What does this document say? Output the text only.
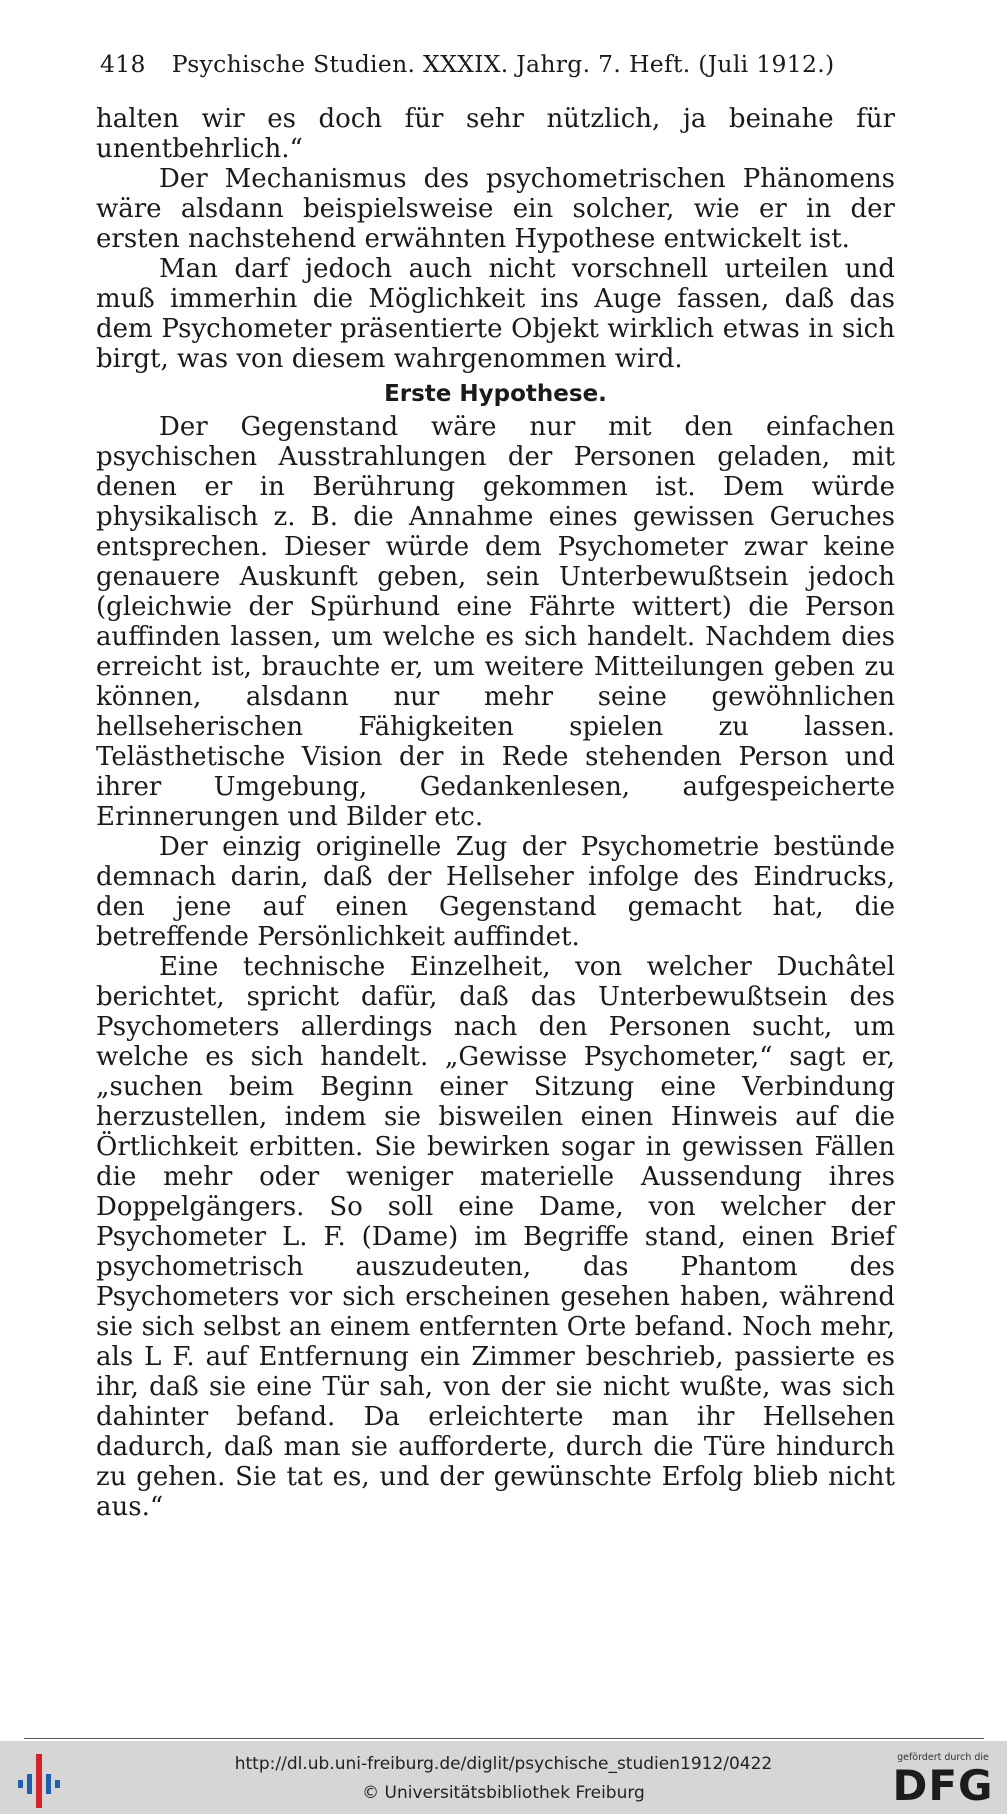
418 Psychische Studien. XXXIX. Jahrg. 7. Heft. (Juli 1912.)

halten wir es doch für sehr nützlich, ja beinahe für unentbehrlich.“

Der Mechanismus des psychometrischen Phänomens wäre alsdann beispielsweise ein solcher, wie er in der ersten nachstehend erwähnten Hypothese entwickelt ist.

Man darf jedoch auch nicht vorschnell urteilen und muß immerhin die Möglichkeit ins Auge fassen, daß das dem Psychometer präsentierte Objekt wirklich etwas in sich birgt, was von diesem wahrgenommen wird.

Erste Hypothese.

Der Gegenstand wäre nur mit den einfachen psychischen Ausstrahlungen der Personen geladen, mit denen er in Berührung gekommen ist. Dem würde physikalisch z. B. die Annahme eines gewissen Geruches entsprechen. Dieser würde dem Psychometer zwar keine genauere Auskunft geben, sein Unterbewußtsein jedoch (gleichwie der Spürhund eine Fährte wittert) die Person auffinden lassen, um welche es sich handelt. Nachdem dies erreicht ist, brauchte er, um weitere Mitteilungen geben zu können, alsdann nur mehr seine gewöhnlichen hellseherischen Fähigkeiten spielen zu lassen. Telästhetische Vision der in Rede stehenden Person und ihrer Umgebung, Gedankenlesen, aufgespeicherte Erinnerungen und Bilder etc.

Der einzig originelle Zug der Psychometrie bestünde demnach darin, daß der Hellseher infolge des Eindrucks, den jene auf einen Gegenstand gemacht hat, die betreffende Persönlichkeit auffindet.

Eine technische Einzelheit, von welcher Duchâtel berichtet, spricht dafür, daß das Unterbewußtsein des Psychometers allerdings nach den Personen sucht, um welche es sich handelt. „Gewisse Psychometer,“ sagt er, „suchen beim Beginn einer Sitzung eine Verbindung herzustellen, indem sie bisweilen einen Hinweis auf die Örtlichkeit erbitten. Sie bewirken sogar in gewissen Fällen die mehr oder weniger materielle Aussendung ihres Doppelgängers. So soll eine Dame, von welcher der Psychometer L. F. (Dame) im Begriffe stand, einen Brief psychometrisch auszudeuten, das Phantom des Psychometers vor sich erscheinen gesehen haben, während sie sich selbst an einem entfernten Orte befand. Noch mehr, als L F. auf Entfernung ein Zimmer beschrieb, passierte es ihr, daß sie eine Tür sah, von der sie nicht wußte, was sich dahinter befand. Da erleichterte man ihr Hellsehen dadurch, daß man sie aufforderte, durch die Türe hindurch zu gehen. Sie tat es, und der gewünschte Erfolg blieb nicht aus.“

http://dl.ub.uni-freiburg.de/diglit/psychische_studien1912/0422
© Universitätsbibliothek Freiburg
gefördert durch die
DFG
